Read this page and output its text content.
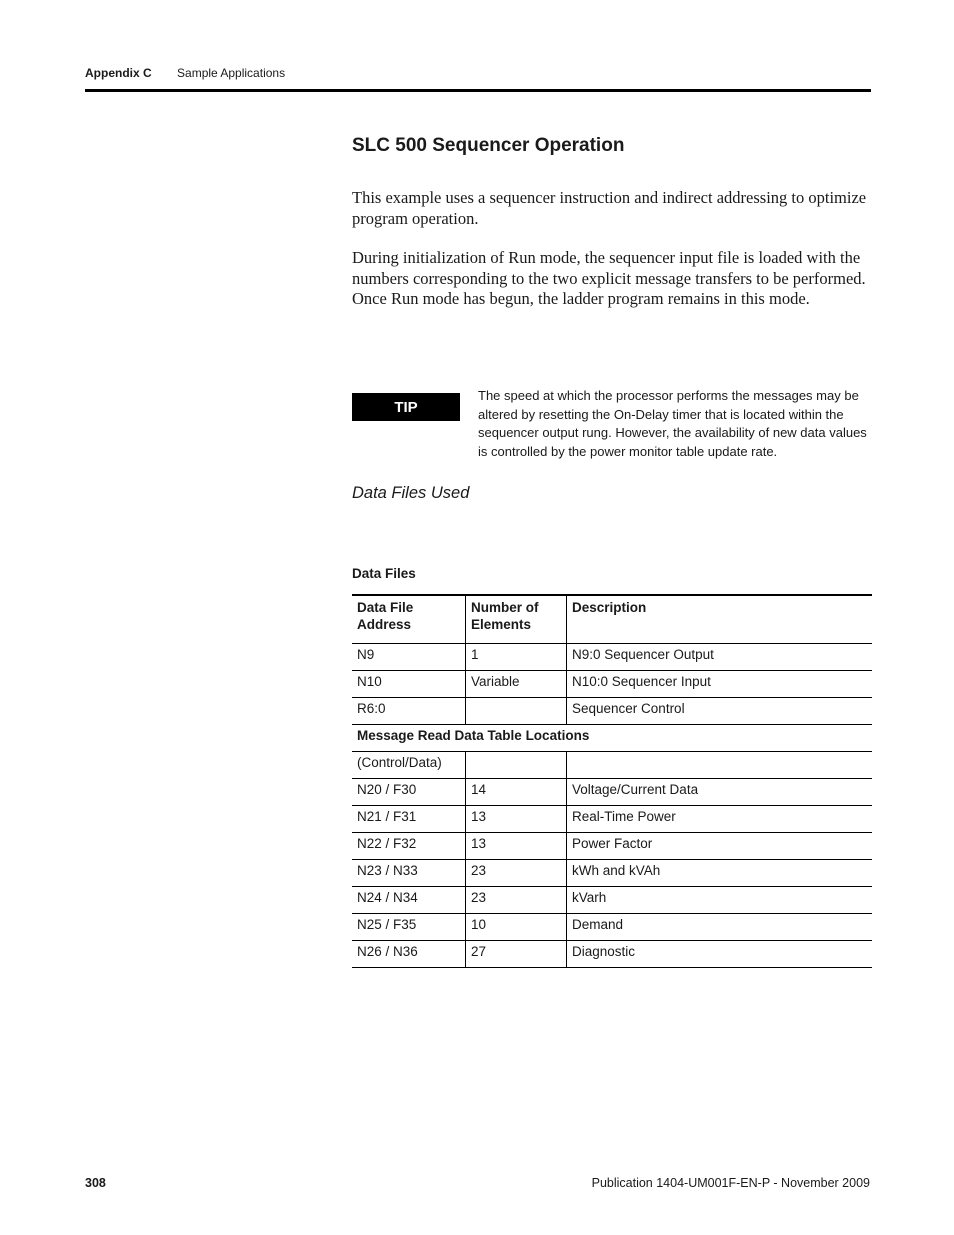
Appendix C Sample Applications
SLC 500 Sequencer Operation
This example uses a sequencer instruction and indirect addressing to optimize program operation.
During initialization of Run mode, the sequencer input file is loaded with the numbers corresponding to the two explicit message transfers to be performed. Once Run mode has begun, the ladder program remains in this mode.
TIP
The speed at which the processor performs the messages may be altered by resetting the On-Delay timer that is located within the sequencer output rung. However, the availability of new data values is controlled by the power monitor table update rate.
Data Files Used
Data Files
Data File Address	Number of Elements	Description
N9	1	N9:0 Sequencer Output
N10	Variable	N10:0 Sequencer Input
R6:0		Sequencer Control
Message Read Data Table Locations		
(Control/Data)		
N20 / F30	14	Voltage/Current Data
N21 / F31	13	Real-Time Power
N22 / F32	13	Power Factor
N23 / N33	23	kWh and kVAh
N24 / N34	23	kVarh
N25 / F35	10	Demand
N26 / N36	27	Diagnostic
308	Publication 1404-UM001F-EN-P - November 2009
